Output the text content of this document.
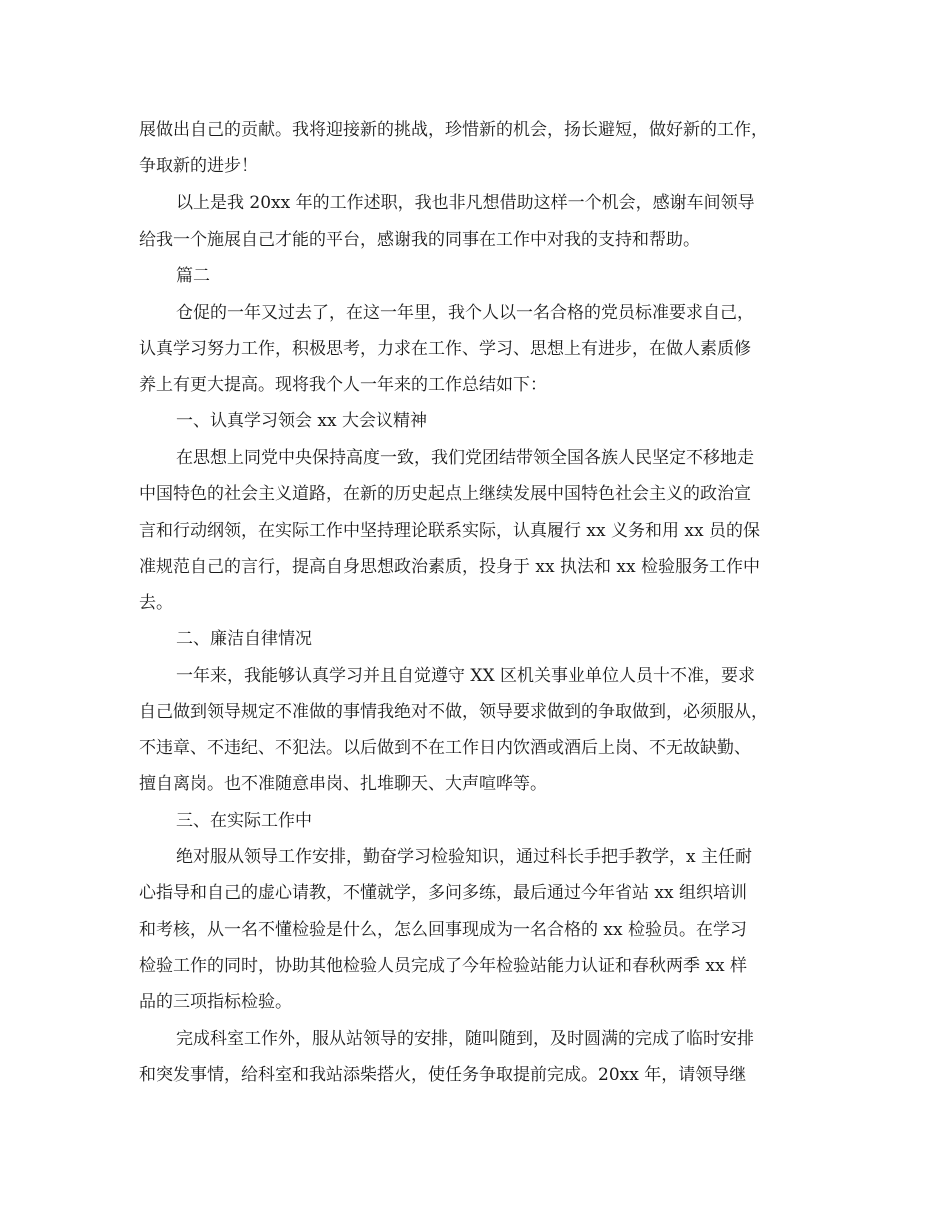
展做出自己的贡献。我将迎接新的挑战，珍惜新的机会，扬长避短，做好新的工作，
争取新的进步！
以上是我 20xx 年的工作述职，我也非凡想借助这样一个机会，感谢车间领导
给我一个施展自己才能的平台，感谢我的同事在工作中对我的支持和帮助。
篇二
仓促的一年又过去了，在这一年里，我个人以一名合格的党员标准要求自己，
认真学习努力工作，积极思考，力求在工作、学习、思想上有进步，在做人素质修
养上有更大提高。现将我个人一年来的工作总结如下：
一、认真学习领会 xx 大会议精神
在思想上同党中央保持高度一致，我们党团结带领全国各族人民坚定不移地走
中国特色的社会主义道路，在新的历史起点上继续发展中国特色社会主义的政治宣
言和行动纲领，在实际工作中坚持理论联系实际，认真履行 xx 义务和用 xx 员的保
准规范自己的言行，提高自身思想政治素质，投身于 xx 执法和 xx 检验服务工作中
去。
二、廉洁自律情况
一年来，我能够认真学习并且自觉遵守 XX 区机关事业单位人员十不准，要求
自己做到领导规定不准做的事情我绝对不做，领导要求做到的争取做到，必须服从，
不违章、不违纪、不犯法。以后做到不在工作日内饮酒或酒后上岗、不无故缺勤、
擅自离岗。也不准随意串岗、扎堆聊天、大声喧哗等。
三、在实际工作中
绝对服从领导工作安排，勤奋学习检验知识，通过科长手把手教学，x 主任耐
心指导和自己的虚心请教，不懂就学，多问多练，最后通过今年省站 xx 组织培训
和考核，从一名不懂检验是什么，怎么回事现成为一名合格的 xx 检验员。在学习
检验工作的同时，协助其他检验人员完成了今年检验站能力认证和春秋两季 xx 样
品的三项指标检验。
完成科室工作外，服从站领导的安排，随叫随到，及时圆满的完成了临时安排
和突发事情，给科室和我站添柴搭火，使任务争取提前完成。20xx 年，请领导继
